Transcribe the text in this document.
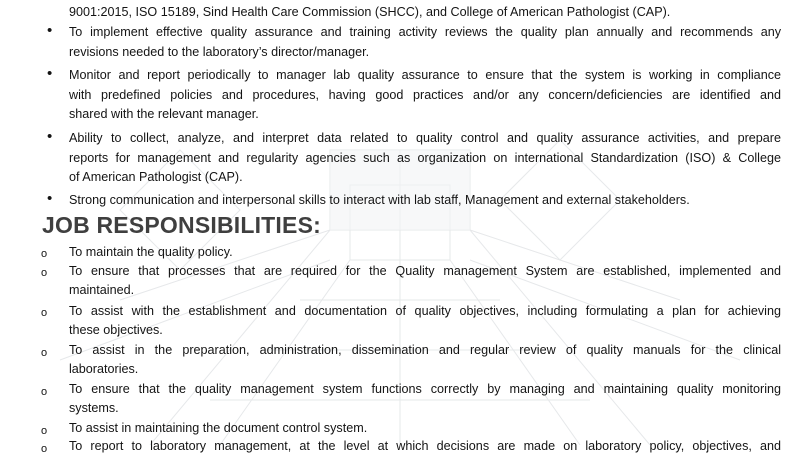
9001:2015, ISO 15189, Sind Health Care Commission (SHCC), and College of American Pathologist (CAP).

• To implement effective quality assurance and training activity reviews the quality plan annually and recommends any

revisions needed to the laboratory’s director/manager.

• Monitor and report periodically to manager lab quality assurance to ensure that the system is working in compliance

with predefined policies and procedures, having good practices and/or any concern/deficiencies are identified and

shared with the relevant manager.

• Ability to collect, analyze, and interpret data related to quality control and quality assurance activities, and prepare

reports for management and regularity agencies such as organization on international Standardization (ISO) & College

of American Pathologist (CAP).

• Strong communication and interpersonal skills to interact with lab staff, Management and external stakeholders.

JOB RESPONSIBILITIES:
o To maintain the quality policy.

o To ensure that processes that are required for the Quality management System are established, implemented and

maintained.

o To assist with the establishment and documentation of quality objectives, including formulating a plan for achieving

these objectives.

o To assist in the preparation, administration, dissemination and regular review of quality manuals for the clinical

laboratories.

o To ensure that the quality management system functions correctly by managing and maintaining quality monitoring

systems.

o To assist in maintaining the document control system.

o To report to laboratory management, at the level at which decisions are made on laboratory policy, objectives, and
